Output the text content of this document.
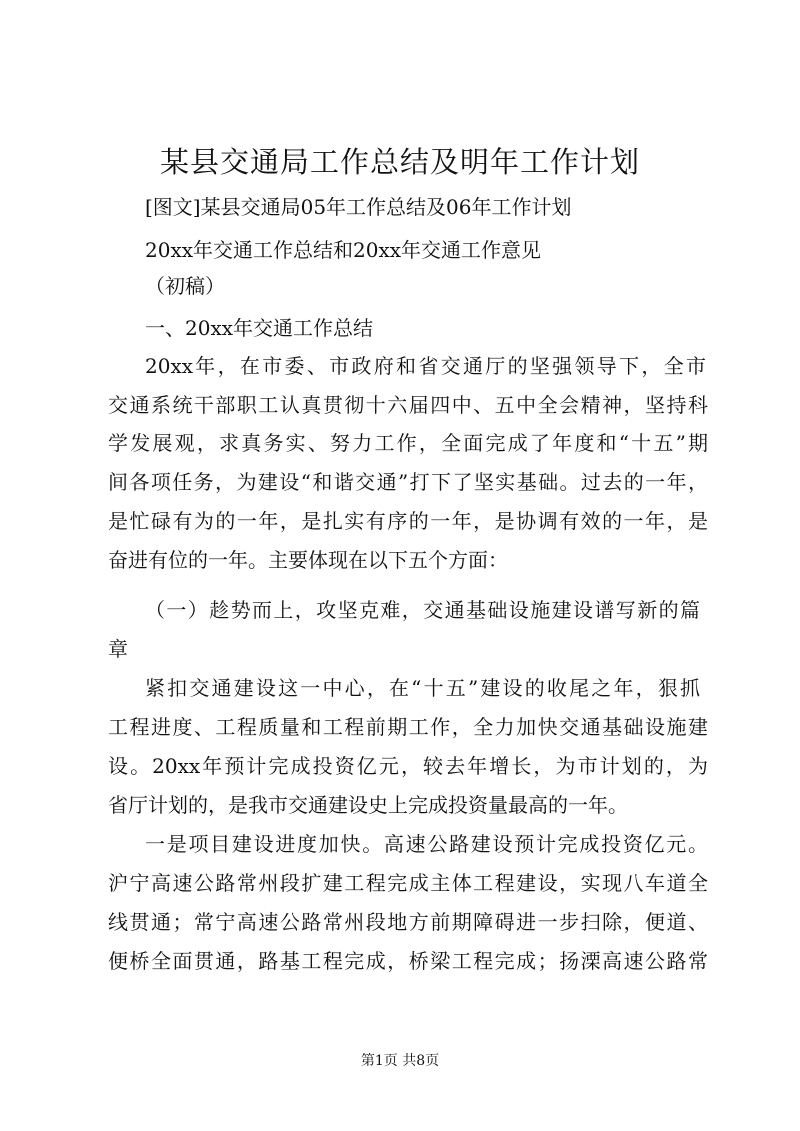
某县交通局工作总结及明年工作计划

[图文]某县交通局05年工作总结及06年工作计划

20xx年交通工作总结和20xx年交通工作意见

（初稿）

一、20xx年交通工作总结

20xx年，在市委、市政府和省交通厅的坚强领导下，全市

交通系统干部职工认真贯彻十六届四中、五中全会精神，坚持科

学发展观，求真务实、努力工作，全面完成了年度和“十五”期

间各项任务，为建设“和谐交通”打下了坚实基础。过去的一年，

是忙碌有为的一年，是扎实有序的一年，是协调有效的一年，是

奋进有位的一年。主要体现在以下五个方面：

（一）趁势而上，攻坚克难，交通基础设施建设谱写新的篇

章

紧扣交通建设这一中心，在“十五”建设的收尾之年，狠抓

工程进度、工程质量和工程前期工作，全力加快交通基础设施建

设。20xx年预计完成投资亿元，较去年增长，为市计划的，为

省厅计划的，是我市交通建设史上完成投资量最高的一年。

一是项目建设进度加快。高速公路建设预计完成投资亿元。

沪宁高速公路常州段扩建工程完成主体工程建设，实现八车道全

线贯通；常宁高速公路常州段地方前期障碍进一步扫除，便道、

便桥全面贯通，路基工程完成，桥梁工程完成；扬溧高速公路常

第1页 共8页
